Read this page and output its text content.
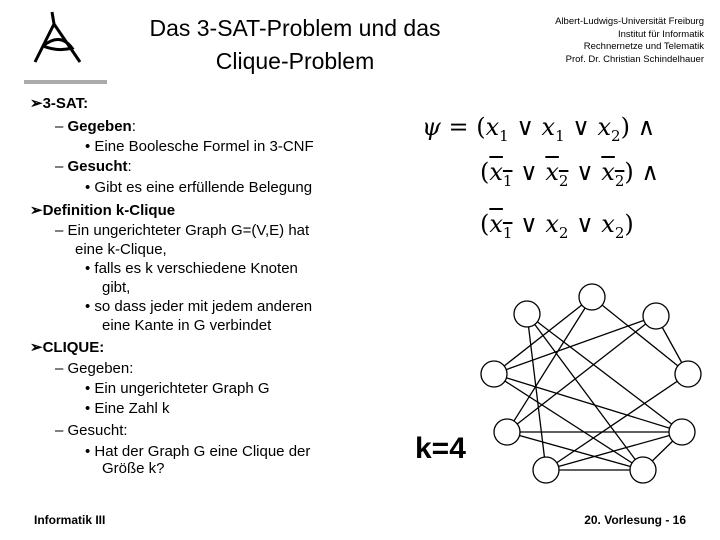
Das 3-SAT-Problem und das
Clique-Problem
Albert-Ludwigs-Universität Freiburg
Institut für Informatik
Rechnernetze und Telematik
Prof. Dr. Christian Schindelhauer
➢3-SAT:
– Gegeben:
• Eine Boolesche Formel in 3-CNF
– Gesucht:
• Gibt es eine erfüllende Belegung
➢Definition k-Clique
– Ein ungerichteter Graph G=(V,E) hat
eine k-Clique,
• falls es k verschiedene Knoten
gibt,
• so dass jeder mit jedem anderen
eine Kante in G verbindet
➢CLIQUE:
– Gegeben:
• Ein ungerichteter Graph G
• Eine Zahl k
– Gesucht:
• Hat der Graph G eine Clique der
Größe k?
$\psi = (x_1$ ∨ $x_1$ ∨ $x_2$) ∧
($x_1$ ∨ $x_2$ ∨ $x_2$) ∧
($x_1$ ∨ $x_2$ ∨ $x_2$)
k=4
Informatik III	20. Vorlesung - 16
